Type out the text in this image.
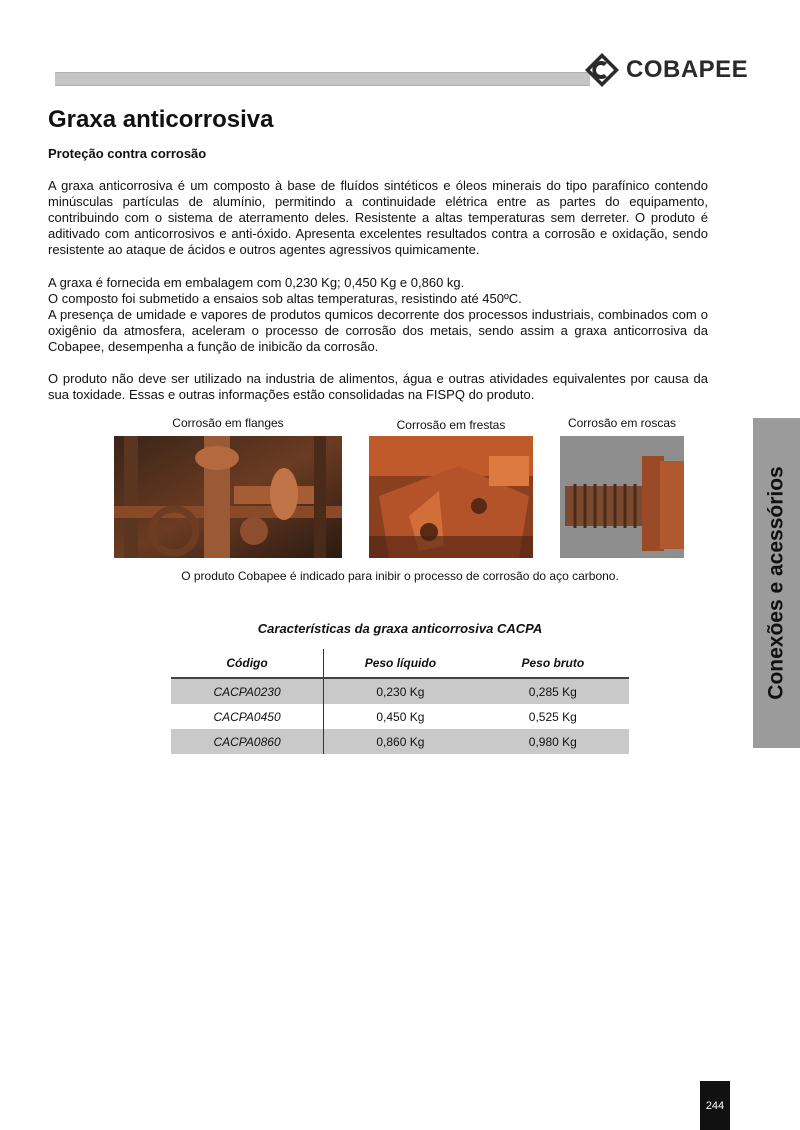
COBAPEE
Graxa anticorrosiva
Proteção contra corrosão

A graxa anticorrosiva é um composto à base de fluídos sintéticos e óleos minerais do tipo parafínico contendo minúsculas partículas de alumínio, permitindo a continuidade elétrica entre as partes do equipamento, contribuindo com o sistema de aterramento deles. Resistente a altas temperaturas sem derreter. O produto é aditivado com anticorrosivos e anti-óxido. Apresenta excelentes resultados contra a corrosão e oxidação, sendo resistente ao ataque de ácidos e outros agentes agressivos quimicamente.

A graxa é fornecida em embalagem com 0,230 Kg; 0,450 Kg e 0,860 kg.
O composto foi submetido a ensaios sob altas temperaturas, resistindo até 450ºC.
A presença de umidade e vapores de produtos qumicos decorrente dos processos industriais, combinados com o oxigênio da atmosfera, aceleram o processo de corrosão dos metais, sendo assim a graxa anticorrosiva da Cobapee, desempenha a função de inibicão da corrosão.

O produto não deve ser utilizado na industria de alimentos, água e outras atividades equivalentes por causa da sua toxidade. Essas e outras informações estão consolidadas na FISPQ do produto.

Corrosão em flanges	Corrosão em frestas	Corrosão em roscas
O produto Cobapee é indicado para inibir o processo de corrosão do aço carbono.
Características da graxa anticorrosiva CACPA
Código	Peso líquido	Peso bruto
CACPA0230	0,230 Kg	0,285 Kg
CACPA0450	0,450 Kg	0,525 Kg
CACPA0860	0,860 Kg	0,980 Kg
Conexões e acessórios
244
